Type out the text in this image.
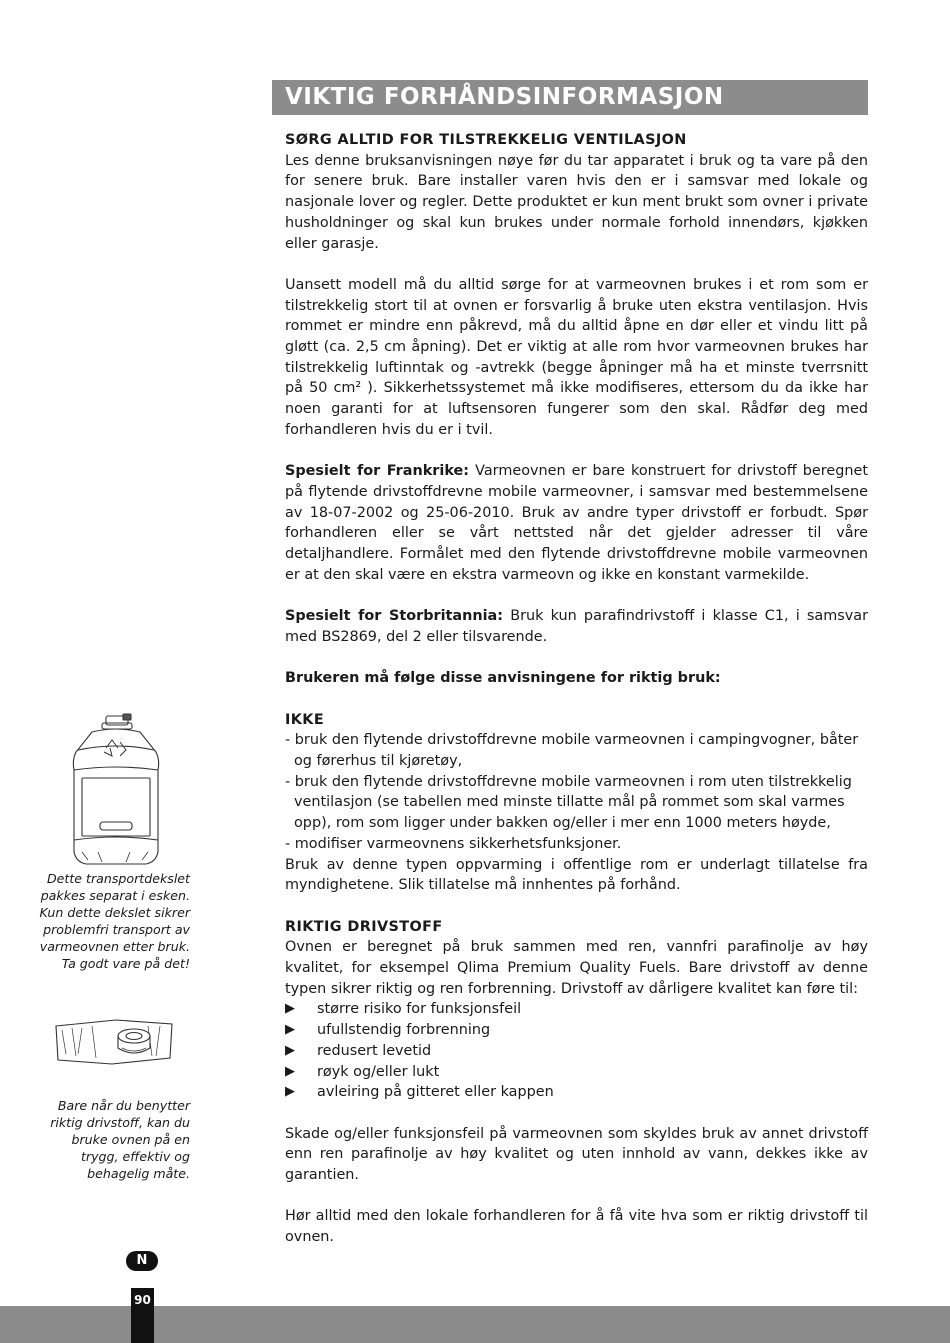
VIKTIG FORHÅNDSINFORMASJON

SØRG ALLTID FOR TILSTREKKELIG VENTILASJON

Les denne bruksanvisningen nøye før du tar apparatet i bruk og ta vare på den for senere bruk. Bare installer varen hvis den er i samsvar med lokale og nasjonale lover og regler. Dette produktet er kun ment brukt som ovner i private husholdninger og skal kun brukes under normale forhold innendørs, kjøkken eller garasje.

Uansett modell må du alltid sørge for at varmeovnen brukes i et rom som er tilstrekkelig stort til at ovnen er forsvarlig å bruke uten ekstra ventilasjon. Hvis rommet er mindre enn påkrevd, må du alltid åpne en dør eller et vindu litt på gløtt (ca. 2,5 cm åpning). Det er viktig at alle rom hvor varmeovnen brukes har tilstrekkelig luftinntak og -avtrekk (begge åpninger må ha et minste tverrsnitt på 50 cm² ). Sikkerhetssystemet må ikke modifiseres, ettersom du da ikke har noen garanti for at luftsensoren fungerer som den skal. Rådfør deg med forhandleren hvis du er i tvil.

Spesielt for Frankrike: Varmeovnen er bare konstruert for drivstoff beregnet på flytende drivstoffdrevne mobile varmeovner, i samsvar med bestemmelsene av 18-07-2002 og 25-06-2010. Bruk av andre typer drivstoff er forbudt. Spør forhandleren eller se vårt nettsted når det gjelder adresser til våre detaljhandlere. Formålet med den flytende drivstoffdrevne mobile varmeovnen er at den skal være en ekstra varmeovn og ikke en konstant varmekilde.

Spesielt for Storbritannia: Bruk kun parafindrivstoff i klasse C1, i samsvar med BS2869, del 2 eller tilsvarende.

Brukeren må følge disse anvisningene for riktig bruk:

IKKE

- bruk den flytende drivstoffdrevne mobile varmeovnen i campingvogner, båter og førerhus til kjøretøy,

- bruk den flytende drivstoffdrevne mobile varmeovnen i rom uten tilstrekkelig ventilasjon (se tabellen med minste tillatte mål på rommet som skal varmes opp), rom som ligger under bakken og/eller i mer enn 1000 meters høyde,

- modifiser varmeovnens sikkerhetsfunksjoner.

Bruk av denne typen oppvarming i offentlige rom er underlagt tillatelse fra myndighetene. Slik tillatelse må innhentes på forhånd.

RIKTIG DRIVSTOFF

Ovnen er beregnet på bruk sammen med ren, vannfri parafinolje av høy kvalitet, for eksempel Qlima Premium Quality Fuels. Bare drivstoff av denne typen sikrer riktig og ren forbrenning. Drivstoff av dårligere kvalitet kan føre til:

▶ større risiko for funksjonsfeil
▶ ufullstendig forbrenning
▶ redusert levetid
▶ røyk og/eller lukt
▶ avleiring på gitteret eller kappen

Skade og/eller funksjonsfeil på varmeovnen som skyldes bruk av annet drivstoff enn ren parafinolje av høy kvalitet og uten innhold av vann, dekkes ikke av garantien.

Hør alltid med den lokale forhandleren for å få vite hva som er riktig drivstoff til ovnen.

Dette transportdekslet pakkes separat i esken. Kun dette dekslet sikrer problemfri transport av varmeovnen etter bruk. Ta godt vare på det!
Bare når du benytter riktig drivstoff, kan du bruke ovnen på en trygg, effektiv og behagelig måte.
N
90
